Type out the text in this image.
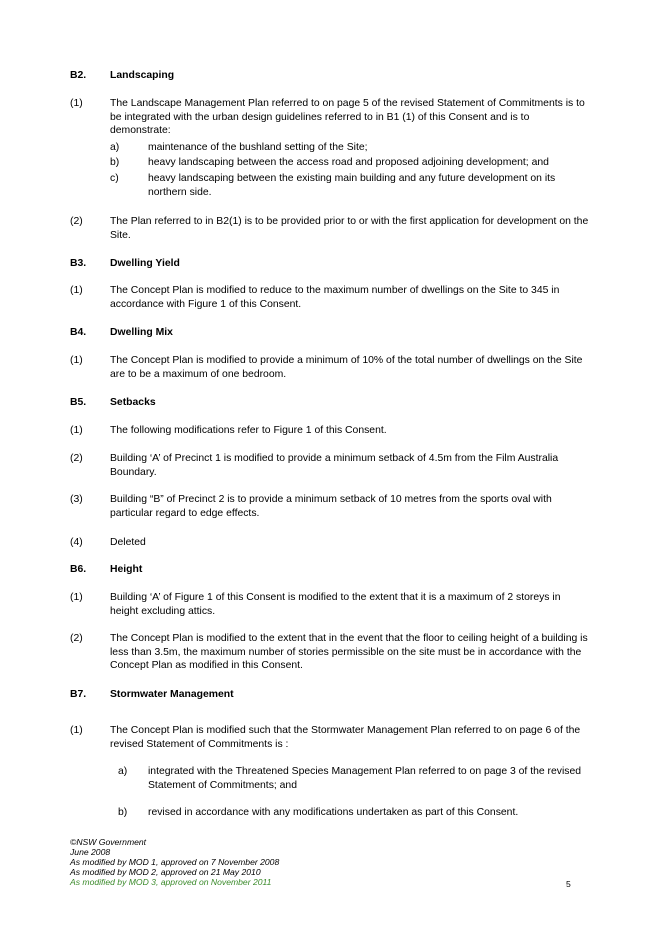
B2. Landscaping
(1)	The Landscape Management Plan referred to on page 5 of the revised Statement of Commitments is to be integrated with the urban design guidelines referred to in B1 (1) of this Consent and is to demonstrate:
a)	maintenance of the bushland setting of the Site;
b)	heavy landscaping between the access road and proposed adjoining development; and
c)	heavy landscaping between the existing main building and any future development on its northern side.
(2)	The Plan referred to in B2(1) is to be provided prior to or with the first application for development on the Site.
B3. Dwelling Yield
(1)	The Concept Plan is modified to reduce to the maximum number of dwellings on the Site to 345 in accordance with Figure 1 of this Consent.
B4. Dwelling Mix
(1)	The Concept Plan is modified to provide a minimum of 10% of the total number of dwellings on the Site are to be a maximum of one bedroom.
B5. Setbacks
(1)	The following modifications refer to Figure 1 of this Consent.
(2)	Building ‘A’ of Precinct 1 is modified to provide a minimum setback of 4.5m from the Film Australia Boundary.
(3)	Building “B” of Precinct 2 is to provide a minimum setback of 10 metres from the sports oval with particular regard to edge effects.
(4)	Deleted
B6. Height
(1)	Building ‘A’ of Figure 1 of this Consent is modified to the extent that it is a maximum of 2 storeys in height excluding attics.
(2)	The Concept Plan is modified to the extent that in the event that the floor to ceiling height of a building is less than 3.5m, the maximum number of stories permissible on the site must be in accordance with the Concept Plan as modified in this Consent.
B7. Stormwater Management
(1)	The Concept Plan is modified such that the Stormwater Management Plan referred to on page 6 of the revised Statement of Commitments is :
a) integrated with the Threatened Species Management Plan referred to on page 3 of the revised Statement of Commitments; and
b) revised in accordance with any modifications undertaken as part of this Consent.
©NSW Government
June 2008
As modified by MOD 1, approved on 7 November 2008
As modified by MOD 2, approved on 21 May 2010
As modified by MOD 3, approved on November 2011	5
